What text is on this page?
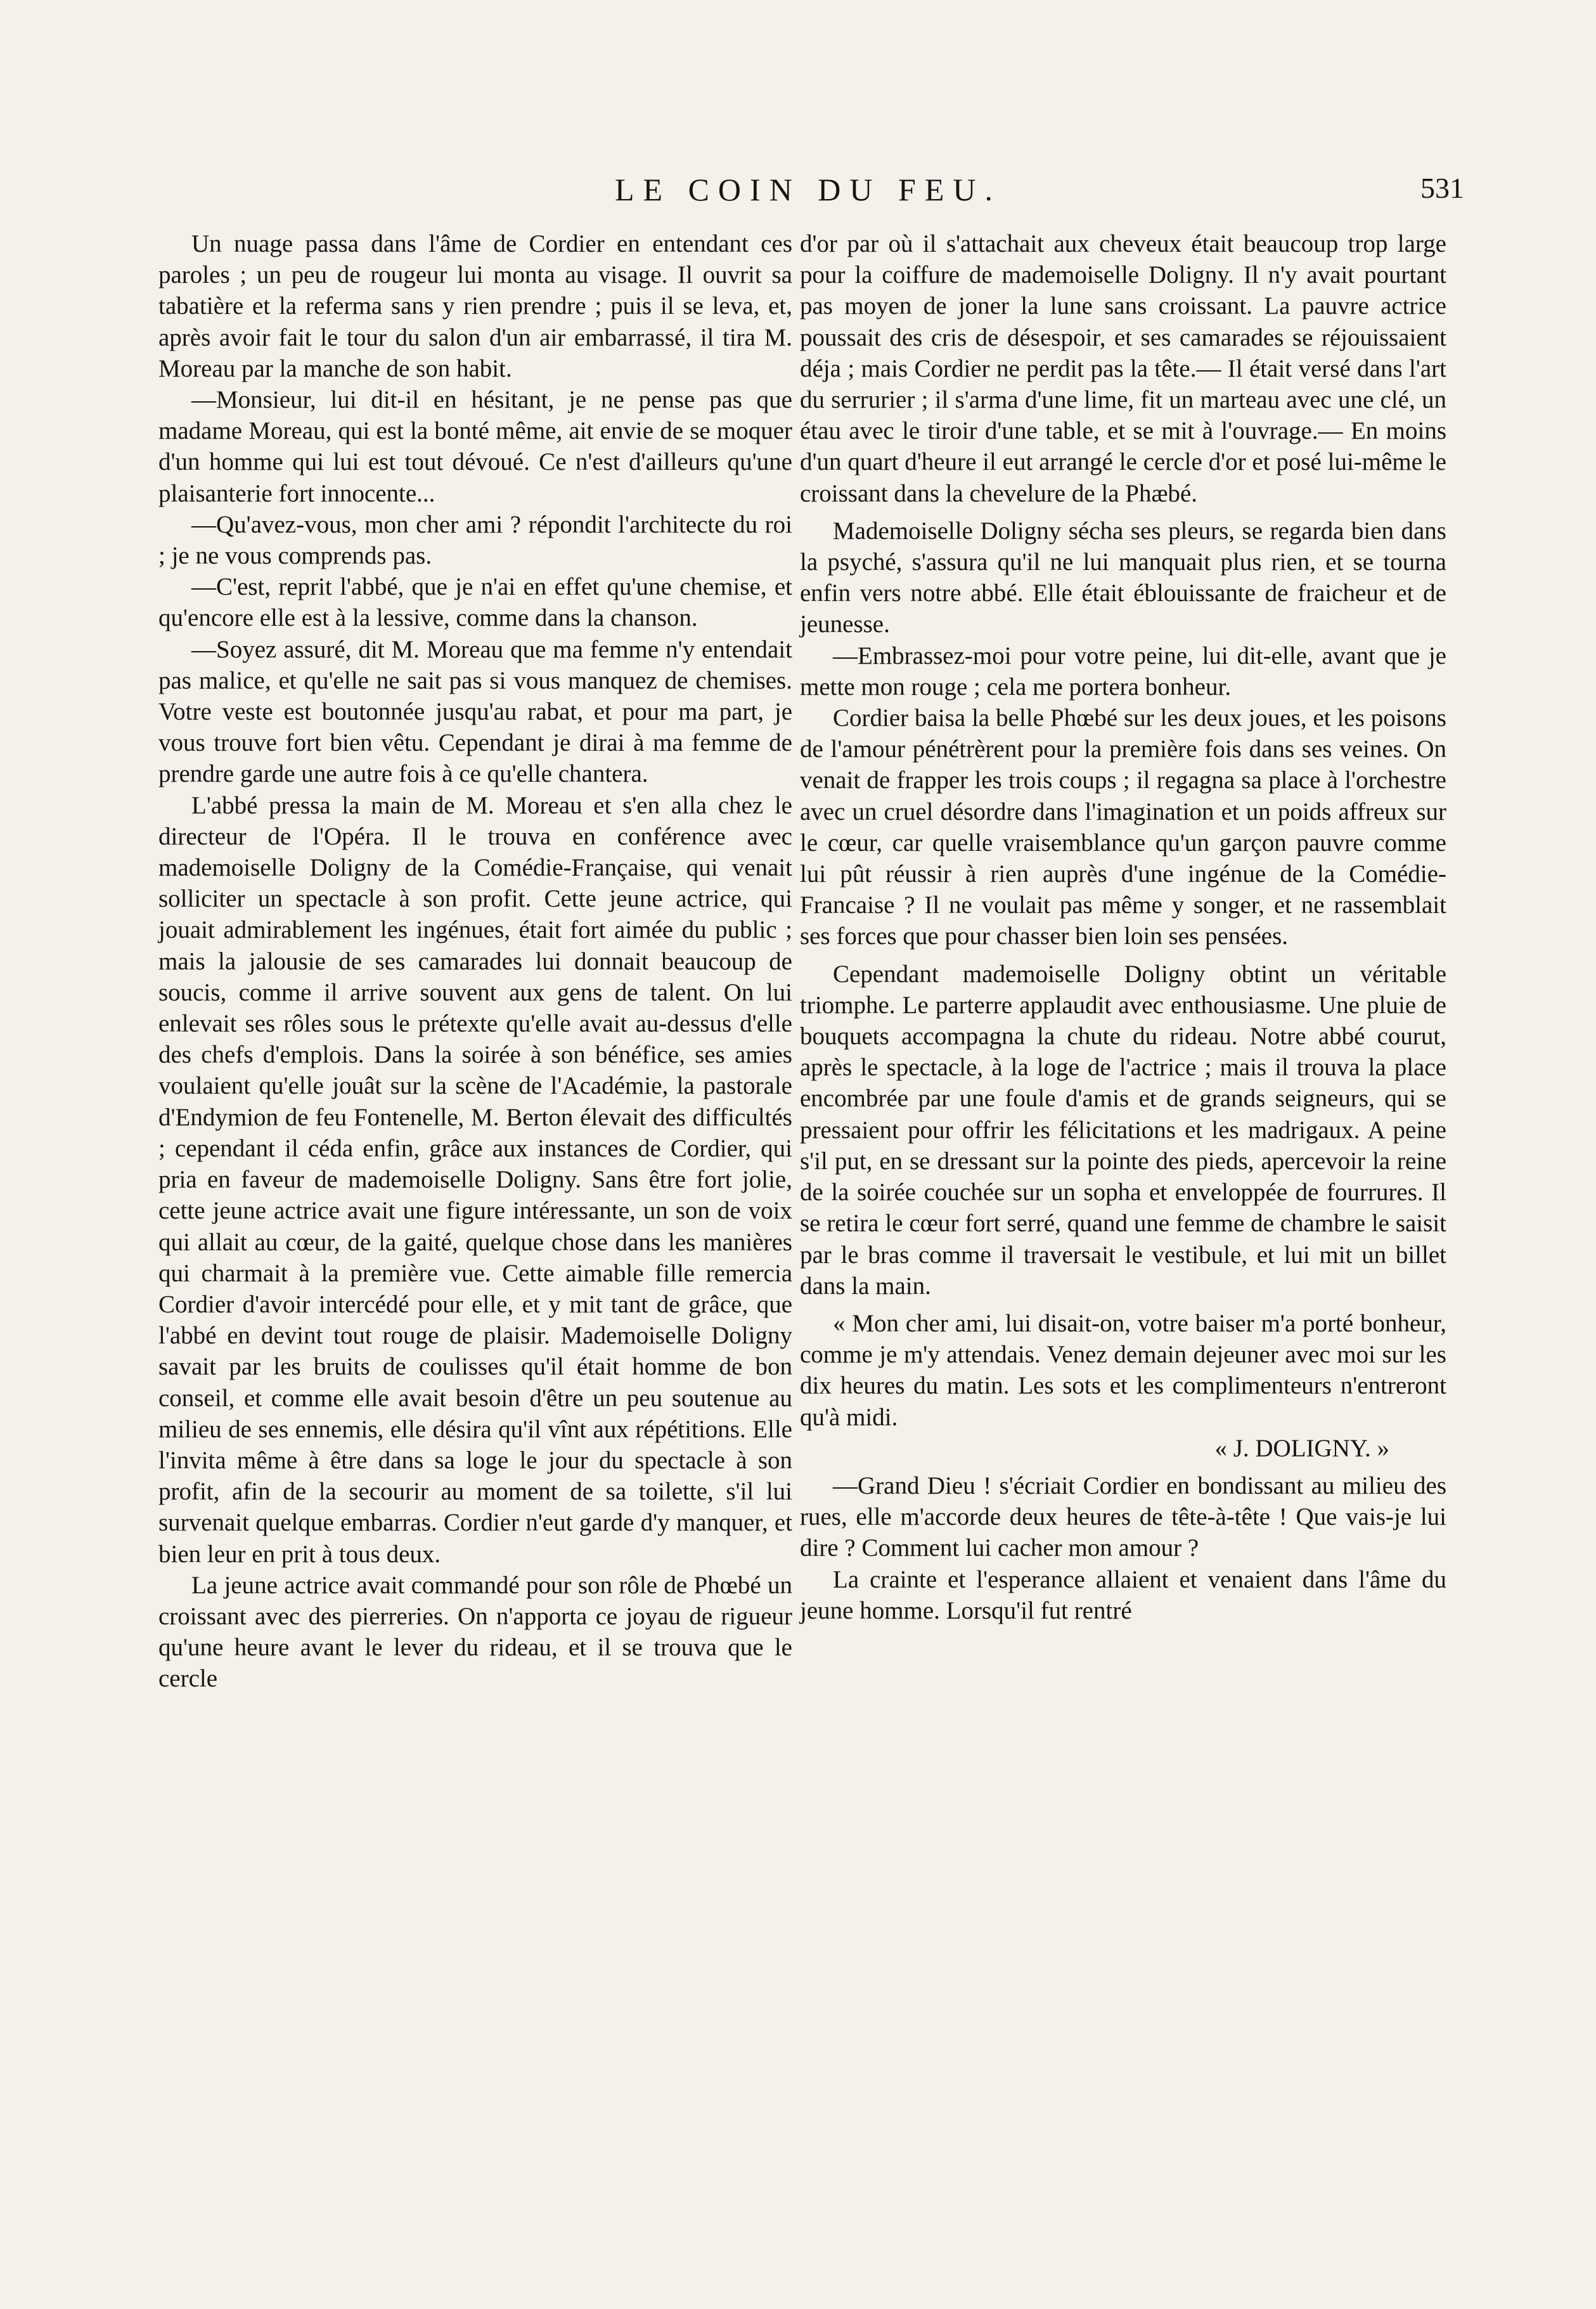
LE COIN DU FEU.	531

Un nuage passa dans l'âme de Cordier en entendant ces paroles ; un peu de rougeur lui monta au visage. Il ouvrit sa tabatière et la referma sans y rien prendre ; puis il se leva, et, après avoir fait le tour du salon d'un air embarrassé, il tira M. Moreau par la manche de son habit.

—Monsieur, lui dit-il en hésitant, je ne pense pas que madame Moreau, qui est la bonté même, ait envie de se moquer d'un homme qui lui est tout dévoué. Ce n'est d'ailleurs qu'une plaisanterie fort innocente...

—Qu'avez-vous, mon cher ami ? répondit l'architecte du roi ; je ne vous comprends pas.

—C'est, reprit l'abbé, que je n'ai en effet qu'une chemise, et qu'encore elle est à la lessive, comme dans la chanson.

—Soyez assuré, dit M. Moreau que ma femme n'y entendait pas malice, et qu'elle ne sait pas si vous manquez de chemises. Votre veste est boutonnée jusqu'au rabat, et pour ma part, je vous trouve fort bien vêtu. Cependant je dirai à ma femme de prendre garde une autre fois à ce qu'elle chantera.

L'abbé pressa la main de M. Moreau et s'en alla chez le directeur de l'Opéra. Il le trouva en conférence avec mademoiselle Doligny de la Comédie-Française, qui venait solliciter un spectacle à son profit. Cette jeune actrice, qui jouait admirablement les ingénues, était fort aimée du public ; mais la jalousie de ses camarades lui donnait beaucoup de soucis, comme il arrive souvent aux gens de talent. On lui enlevait ses rôles sous le prétexte qu'elle avait au-dessus d'elle des chefs d'emplois. Dans la soirée à son bénéfice, ses amies voulaient qu'elle jouât sur la scène de l'Académie, la pastorale d'Endymion de feu Fontenelle, M. Berton élevait des difficultés ; cependant il céda enfin, grâce aux instances de Cordier, qui pria en faveur de mademoiselle Doligny. Sans être fort jolie, cette jeune actrice avait une figure intéressante, un son de voix qui allait au cœur, de la gaité, quelque chose dans les manières qui charmait à la première vue. Cette aimable fille remercia Cordier d'avoir intercédé pour elle, et y mit tant de grâce, que l'abbé en devint tout rouge de plaisir. Mademoiselle Doligny savait par les bruits de coulisses qu'il était homme de bon conseil, et comme elle avait besoin d'être un peu soutenue au milieu de ses ennemis, elle désira qu'il vînt aux répétitions. Elle l'invita même à être dans sa loge le jour du spectacle à son profit, afin de la secourir au moment de sa toilette, s'il lui survenait quelque embarras. Cordier n'eut garde d'y manquer, et bien leur en prit à tous deux.

La jeune actrice avait commandé pour son rôle de Phœbé un croissant avec des pierreries. On n'apporta ce joyau de rigueur qu'une heure avant le lever du rideau, et il se trouva que le cercle

d'or par où il s'attachait aux cheveux était beaucoup trop large pour la coiffure de mademoiselle Doligny. Il n'y avait pourtant pas moyen de joner la lune sans croissant. La pauvre actrice poussait des cris de désespoir, et ses camarades se réjouissaient déja ; mais Cordier ne perdit pas la tête.— Il était versé dans l'art du serrurier ; il s'arma d'une lime, fit un marteau avec une clé, un étau avec le tiroir d'une table, et se mit à l'ouvrage.— En moins d'un quart d'heure il eut arrangé le cercle d'or et posé lui-même le croissant dans la chevelure de la Phæbé.

Mademoiselle Doligny sécha ses pleurs, se regarda bien dans la psyché, s'assura qu'il ne lui manquait plus rien, et se tourna enfin vers notre abbé. Elle était éblouissante de fraicheur et de jeunesse.

—Embrassez-moi pour votre peine, lui dit-elle, avant que je mette mon rouge ; cela me portera bonheur.

Cordier baisa la belle Phœbé sur les deux joues, et les poisons de l'amour pénétrèrent pour la première fois dans ses veines. On venait de frapper les trois coups ; il regagna sa place à l'orchestre avec un cruel désordre dans l'imagination et un poids affreux sur le cœur, car quelle vraisemblance qu'un garçon pauvre comme lui pût réussir à rien auprès d'une ingénue de la Comédie-Francaise ? Il ne voulait pas même y songer, et ne rassemblait ses forces que pour chasser bien loin ses pensées.

Cependant mademoiselle Doligny obtint un véritable triomphe. Le parterre applaudit avec enthousiasme. Une pluie de bouquets accompagna la chute du rideau. Notre abbé courut, après le spectacle, à la loge de l'actrice ; mais il trouva la place encombrée par une foule d'amis et de grands seigneurs, qui se pressaient pour offrir les félicitations et les madrigaux. A peine s'il put, en se dressant sur la pointe des pieds, apercevoir la reine de la soirée couchée sur un sopha et enveloppée de fourrures. Il se retira le cœur fort serré, quand une femme de chambre le saisit par le bras comme il traversait le vestibule, et lui mit un billet dans la main.

« Mon cher ami, lui disait-on, votre baiser m'a porté bonheur, comme je m'y attendais. Venez demain dejeuner avec moi sur les dix heures du matin. Les sots et les complimenteurs n'entreront qu'à midi.

« J. DOLIGNY. »

—Grand Dieu ! s'écriait Cordier en bondissant au milieu des rues, elle m'accorde deux heures de tête-à-tête ! Que vais-je lui dire ? Comment lui cacher mon amour ?

La crainte et l'esperance allaient et venaient dans l'âme du jeune homme. Lorsqu'il fut rentré
